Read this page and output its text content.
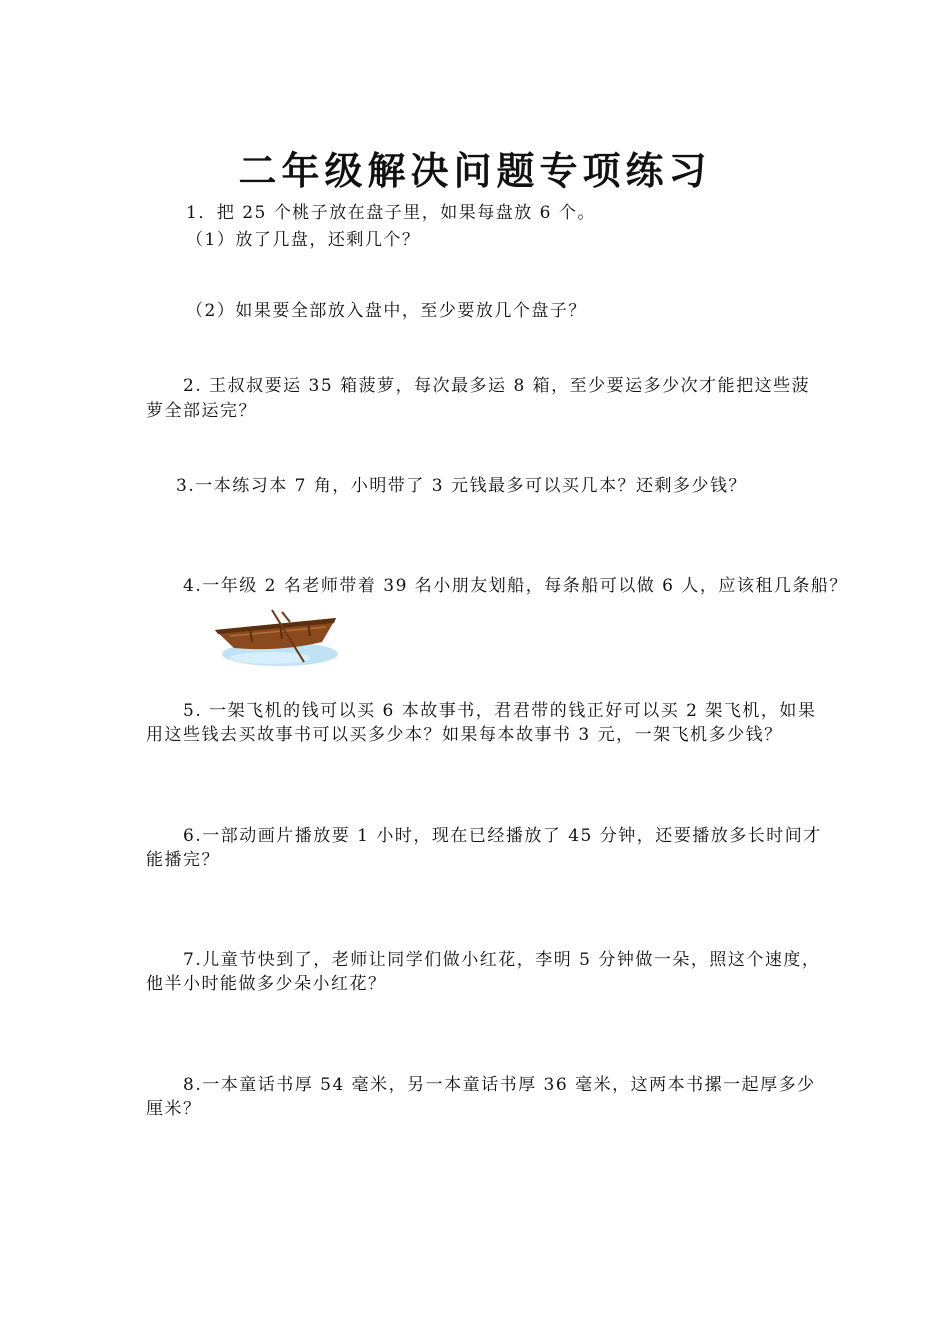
二年级解决问题专项练习
1．把 25 个桃子放在盘子里，如果每盘放 6 个。
（1）放了几盘，还剩几个？
（2）如果要全部放入盘中，至少要放几个盘子？
2. 王叔叔要运 35 箱菠萝，每次最多运 8 箱，至少要运多少次才能把这些菠
萝全部运完？
3.一本练习本 7 角，小明带了 3 元钱最多可以买几本？还剩多少钱？
4.一年级 2 名老师带着 39 名小朋友划船，每条船可以做 6 人，应该租几条船？
5. 一架飞机的钱可以买 6 本故事书，君君带的钱正好可以买 2 架飞机，如果
用这些钱去买故事书可以买多少本？如果每本故事书 3 元，一架飞机多少钱？
6.一部动画片播放要 1 小时，现在已经播放了 45 分钟，还要播放多长时间才
能播完？
7.儿童节快到了，老师让同学们做小红花，李明 5 分钟做一朵，照这个速度，
他半小时能做多少朵小红花？
8.一本童话书厚 54 毫米，另一本童话书厚 36 毫米，这两本书摞一起厚多少
厘米？
